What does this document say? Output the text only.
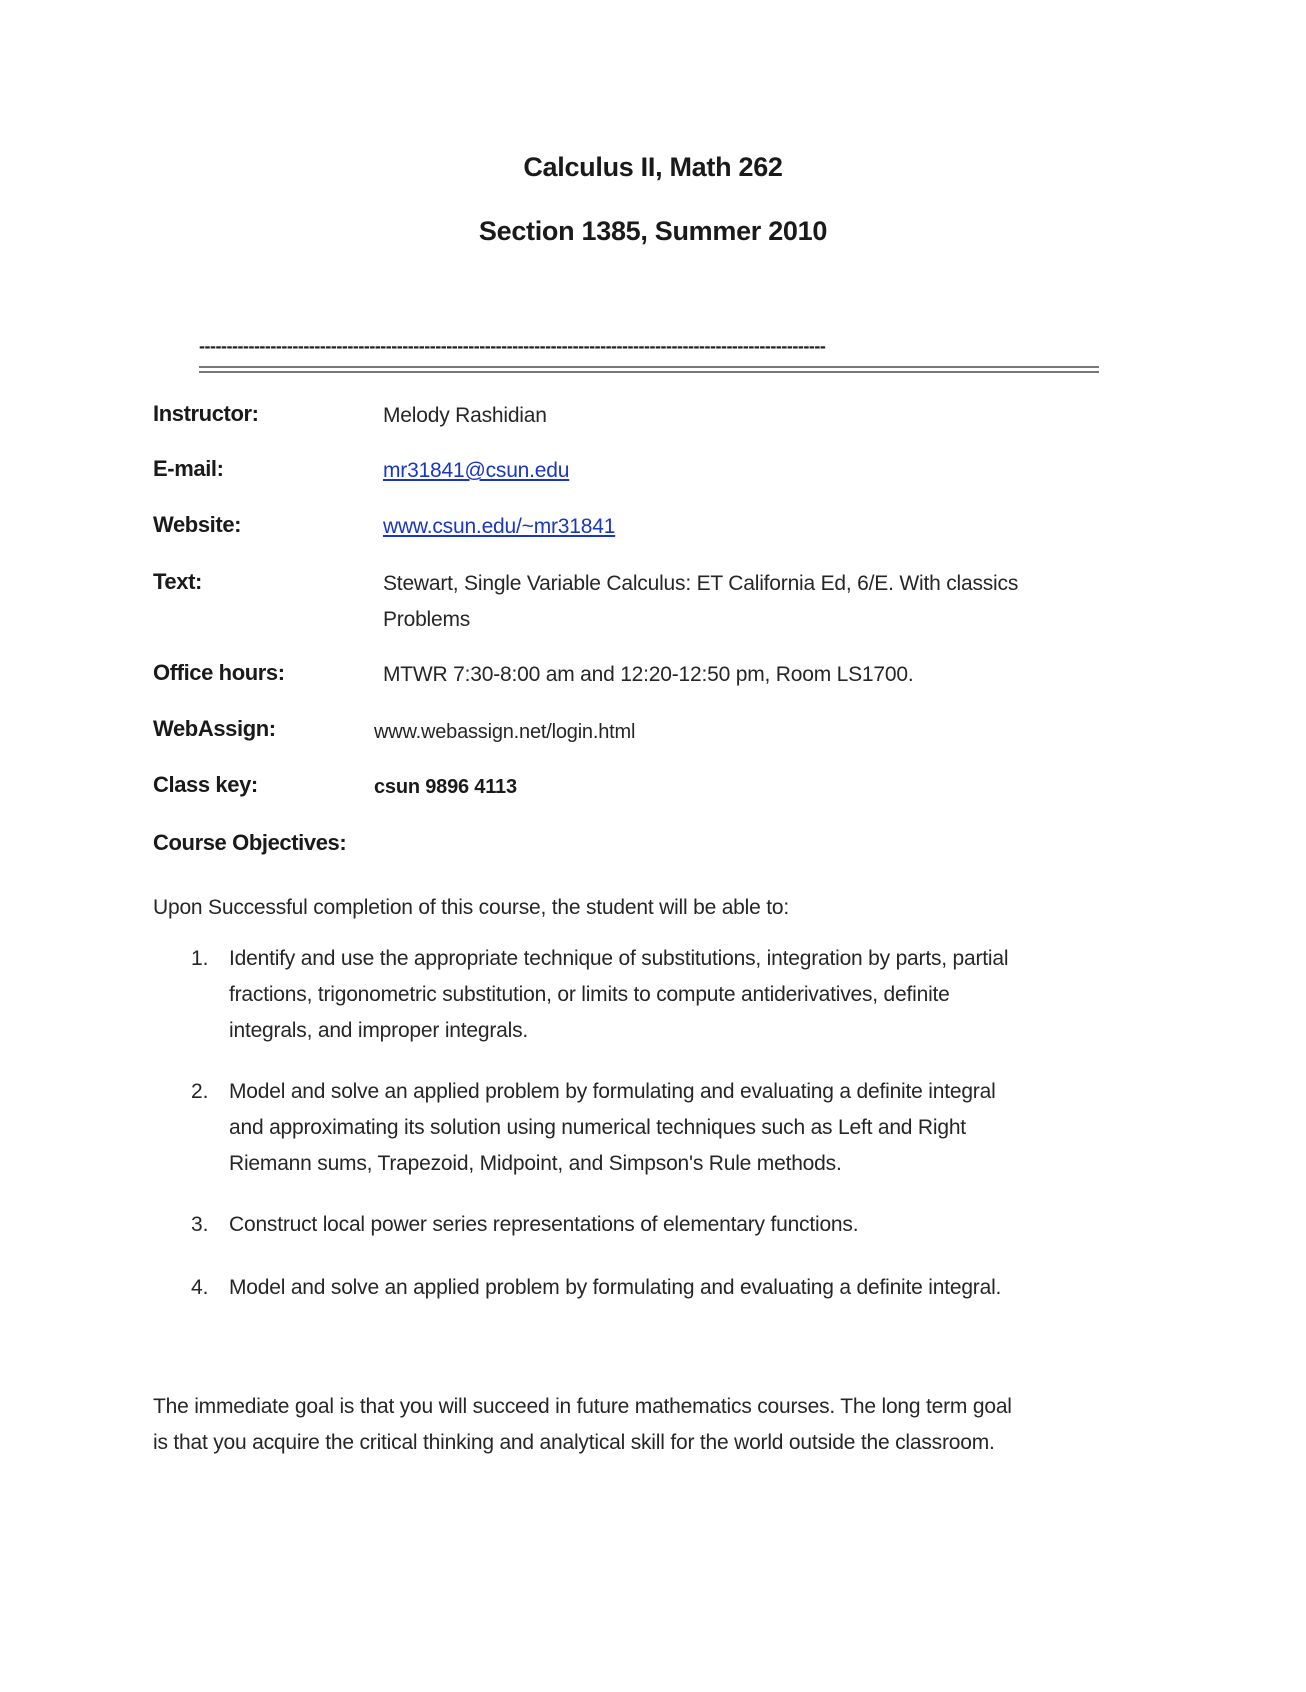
Calculus II, Math 262
Section 1385, Summer 2010
------------------------------------------------------------------------------------------------------------------
Instructor:	Melody Rashidian
E-mail:	mr31841@csun.edu
Website:	www.csun.edu/~mr31841
Text:	Stewart, Single Variable Calculus: ET California Ed, 6/E. With classics
Problems
Office hours:	MTWR 7:30-8:00 am and 12:20-12:50 pm, Room LS1700.
WebAssign:	www.webassign.net/login.html
Class key:	csun 9896 4113
Course Objectives:
Upon Successful completion of this course, the student will be able to:
1. Identify and use the appropriate technique of substitutions, integration by parts, partial
fractions, trigonometric substitution, or limits to compute antiderivatives, definite
integrals, and improper integrals.
2. Model and solve an applied problem by formulating and evaluating a definite integral
and approximating its solution using numerical techniques such as Left and Right
Riemann sums, Trapezoid, Midpoint, and Simpson's Rule methods.
3. Construct local power series representations of elementary functions.
4. Model and solve an applied problem by formulating and evaluating a definite integral.
The immediate goal is that you will succeed in future mathematics courses. The long term goal
is that you acquire the critical thinking and analytical skill for the world outside the classroom.
